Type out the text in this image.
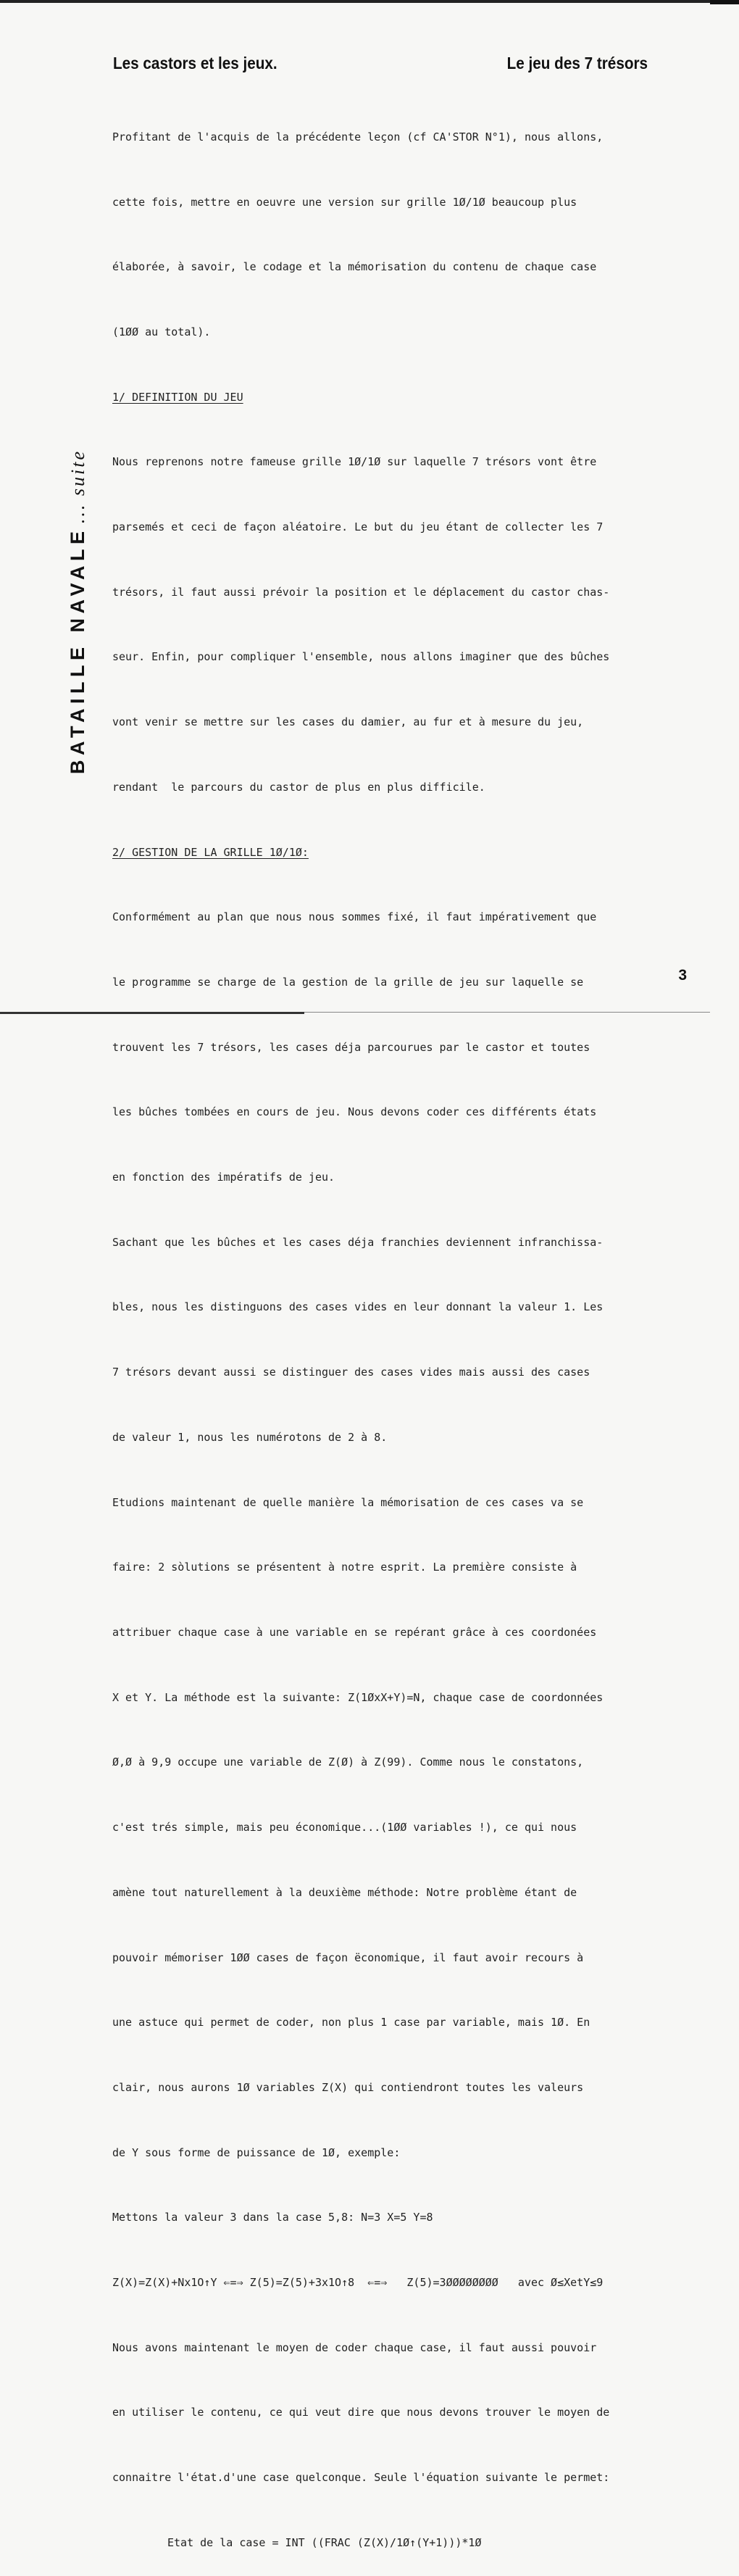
Les castors et les jeux.	Le jeu des 7 trésors
BATAILLE NAVALE ... suite

Profitant de l'acquis de la précédente leçon (cf CA'STOR N°1), nous allons,

cette fois, mettre en oeuvre une version sur grille 1Ø/1Ø beaucoup plus

élaborée, à savoir, le codage et la mémorisation du contenu de chaque case

(1ØØ au total).

1/ DEFINITION DU JEU

Nous reprenons notre fameuse grille 1Ø/1Ø sur laquelle 7 trésors vont être

parsemés et ceci de façon aléatoire. Le but du jeu étant de collecter les 7

trésors, il faut aussi prévoir la position et le déplacement du castor chas-

seur. Enfin, pour compliquer l'ensemble, nous allons imaginer que des bûches

vont venir se mettre sur les cases du damier, au fur et à mesure du jeu,

rendant  le parcours du castor de plus en plus difficile.

2/ GESTION DE LA GRILLE 1Ø/1Ø:

Conformément au plan que nous nous sommes fixé, il faut impérativement que

le programme se charge de la gestion de la grille de jeu sur laquelle se

trouvent les 7 trésors, les cases déja parcourues par le castor et toutes

les bûches tombées en cours de jeu. Nous devons coder ces différents états

en fonction des impératifs de jeu.

Sachant que les bûches et les cases déja franchies deviennent infranchissa-

bles, nous les distinguons des cases vides en leur donnant la valeur 1. Les

7 trésors devant aussi se distinguer des cases vides mais aussi des cases

de valeur 1, nous les numérotons de 2 à 8.

Etudions maintenant de quelle manière la mémorisation de ces cases va se

faire: 2 sòlutions se présentent à notre esprit. La première consiste à

attribuer chaque case à une variable en se repérant grâce à ces coordonées

X et Y. La méthode est la suivante: Z(1ØxX+Y)=N, chaque case de coordonnées

Ø,Ø à 9,9 occupe une variable de Z(Ø) à Z(99). Comme nous le constatons,

c'est trés simple, mais peu économique...(1ØØ variables !), ce qui nous

amène tout naturellement à la deuxième méthode: Notre problème étant de

pouvoir mémoriser 1ØØ cases de façon ëconomique, il faut avoir recours à

une astuce qui permet de coder, non plus 1 case par variable, mais 1Ø. En

clair, nous aurons 1Ø variables Z(X) qui contiendront toutes les valeurs

de Y sous forme de puissance de 1Ø, exemple:

Mettons la valeur 3 dans la case 5,8: N=3 X=5 Y=8

Z(X)=Z(X)+Nx1O↑Y ⇐=⇒ Z(5)=Z(5)+3x1O↑8  ⇐=⇒   Z(5)=3ØØØØØØØØ   avec Ø≤XetY≤9

Nous avons maintenant le moyen de coder chaque case, il faut aussi pouvoir

en utiliser le contenu, ce qui veut dire que nous devons trouver le moyen de

connaitre l'état.d'une case quelconque. Seule l'équation suivante le permet:

Etat de la case = INT ((FRAC (Z(X)/1Ø↑(Y+1)))*1Ø

3
